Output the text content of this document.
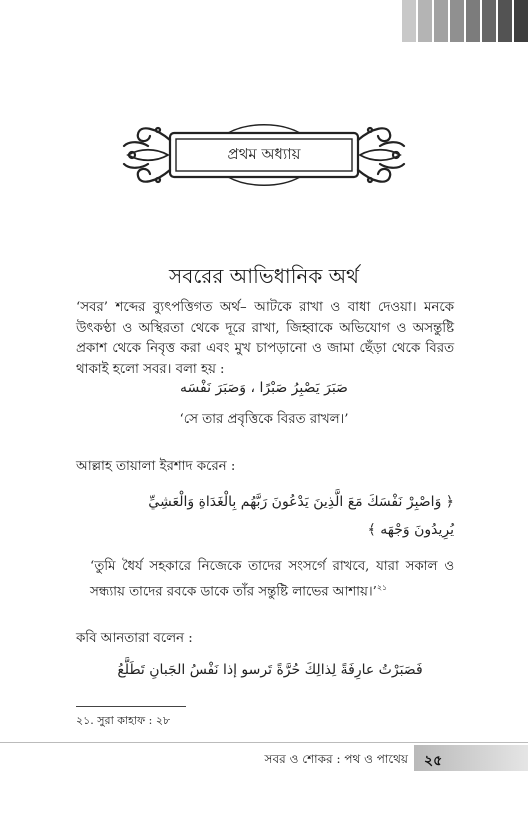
প্রথম অধ্যায়
সবরের আভিধানিক অর্থ

‘সবর’ শব্দের ব্যুৎপত্তিগত অর্থ– আটকে রাখা ও বাধা দেওয়া। মনকে উৎকণ্ঠা ও অস্থিরতা থেকে দূরে রাখা, জিহ্বাকে অভিযোগ ও অসন্তুষ্টি প্রকাশ থেকে নিবৃত্ত করা এবং মুখ চাপড়ানো ও জামা ছেঁড়া থেকে বিরত থাকাই হলো সবর। বলা হয় :

صَبَرَ يَصْبِرُ صَبْرًا ، وَصَبَرَ نَفْسَه

‘সে তার প্রবৃত্তিকে বিরত রাখল।’

আল্লাহ তায়ালা ইরশাদ করেন :

﴿ وَاصْبِرْ نَفْسَكَ مَعَ الَّذِينَ يَدْعُونَ رَبَّهُم بِالْغَدَاةِ وَالْعَشِيِّ

يُرِيدُونَ وَجْهَه ﴾

‘তুমি ধৈর্য সহকারে নিজেকে তাদের সংসর্গে রাখবে, যারা সকাল ও সন্ধ্যায় তাদের রবকে ডাকে তাঁর সন্তুষ্টি লাভের আশায়।’$^{২১}$

কবি আনতারা বলেন :

فَصَبَرْتُ عارِفَةً لِذالِكَ حُرَّةً تَرسو إذا نَفْسُ الجَبانِ تَطَلَّعُ

২১. সুরা কাহাফ : ২৮
সবর ও শোকর : পথ ও পাথেয় ২৫
